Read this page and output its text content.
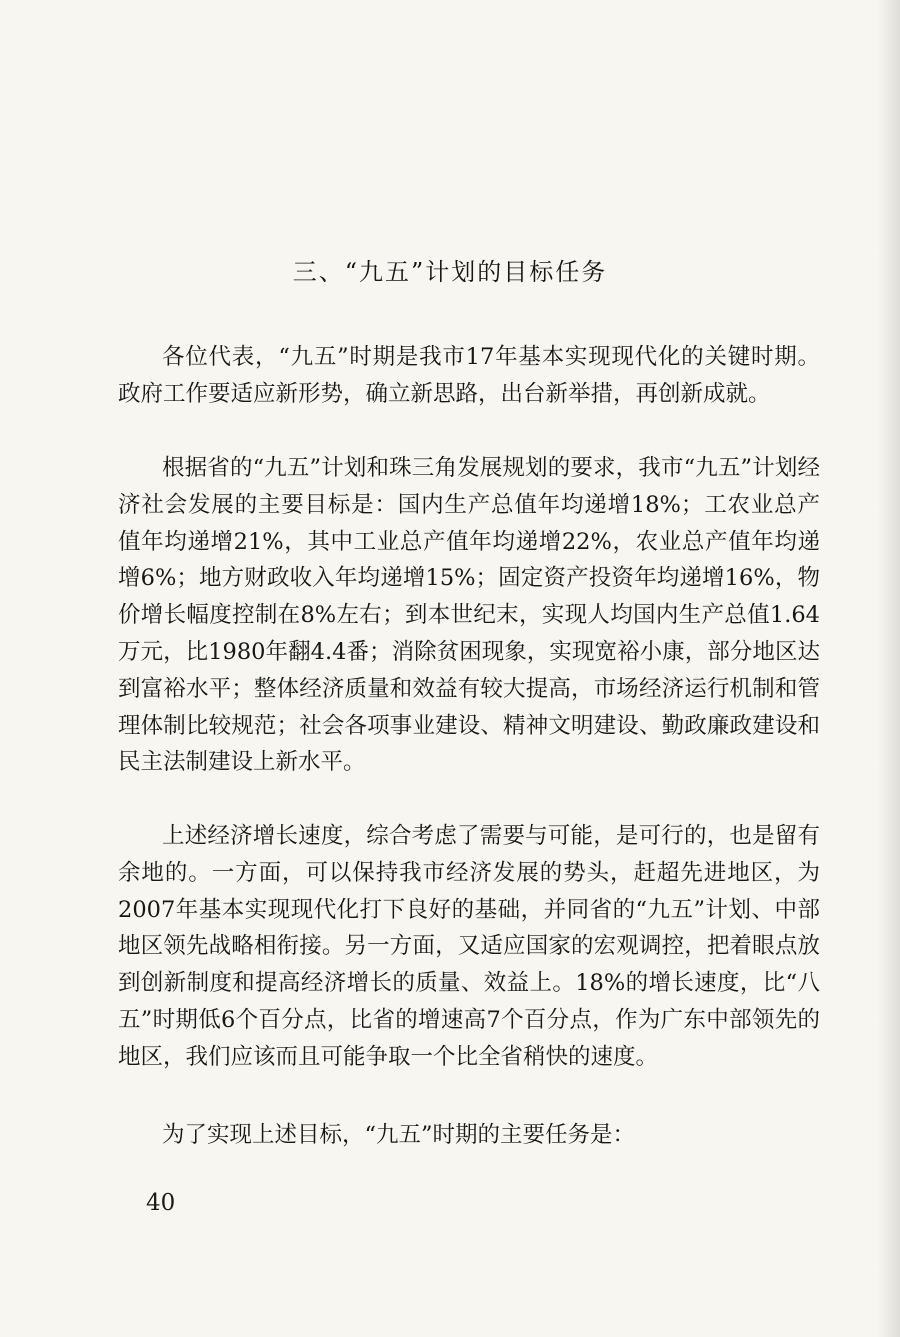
三、“九五”计划的目标任务

各位代表，“九五”时期是我市17年基本实现现代化的关键时期。政府工作要适应新形势，确立新思路，出台新举措，再创新成就。

根据省的“九五”计划和珠三角发展规划的要求，我市“九五”计划经济社会发展的主要目标是：国内生产总值年均递增18%；工农业总产值年均递增21%，其中工业总产值年均递增22%，农业总产值年均递增6%；地方财政收入年均递增15%；固定资产投资年均递增16%，物价增长幅度控制在8%左右；到本世纪末，实现人均国内生产总值1.64万元，比1980年翻4.4番；消除贫困现象，实现宽裕小康，部分地区达到富裕水平；整体经济质量和效益有较大提高，市场经济运行机制和管理体制比较规范；社会各项事业建设、精神文明建设、勤政廉政建设和民主法制建设上新水平。

上述经济增长速度，综合考虑了需要与可能，是可行的，也是留有余地的。一方面，可以保持我市经济发展的势头，赶超先进地区，为2007年基本实现现代化打下良好的基础，并同省的“九五”计划、中部地区领先战略相衔接。另一方面，又适应国家的宏观调控，把着眼点放到创新制度和提高经济增长的质量、效益上。18%的增长速度，比“八五”时期低6个百分点，比省的增速高7个百分点，作为广东中部领先的地区，我们应该而且可能争取一个比全省稍快的速度。

为了实现上述目标，“九五”时期的主要任务是：

40
